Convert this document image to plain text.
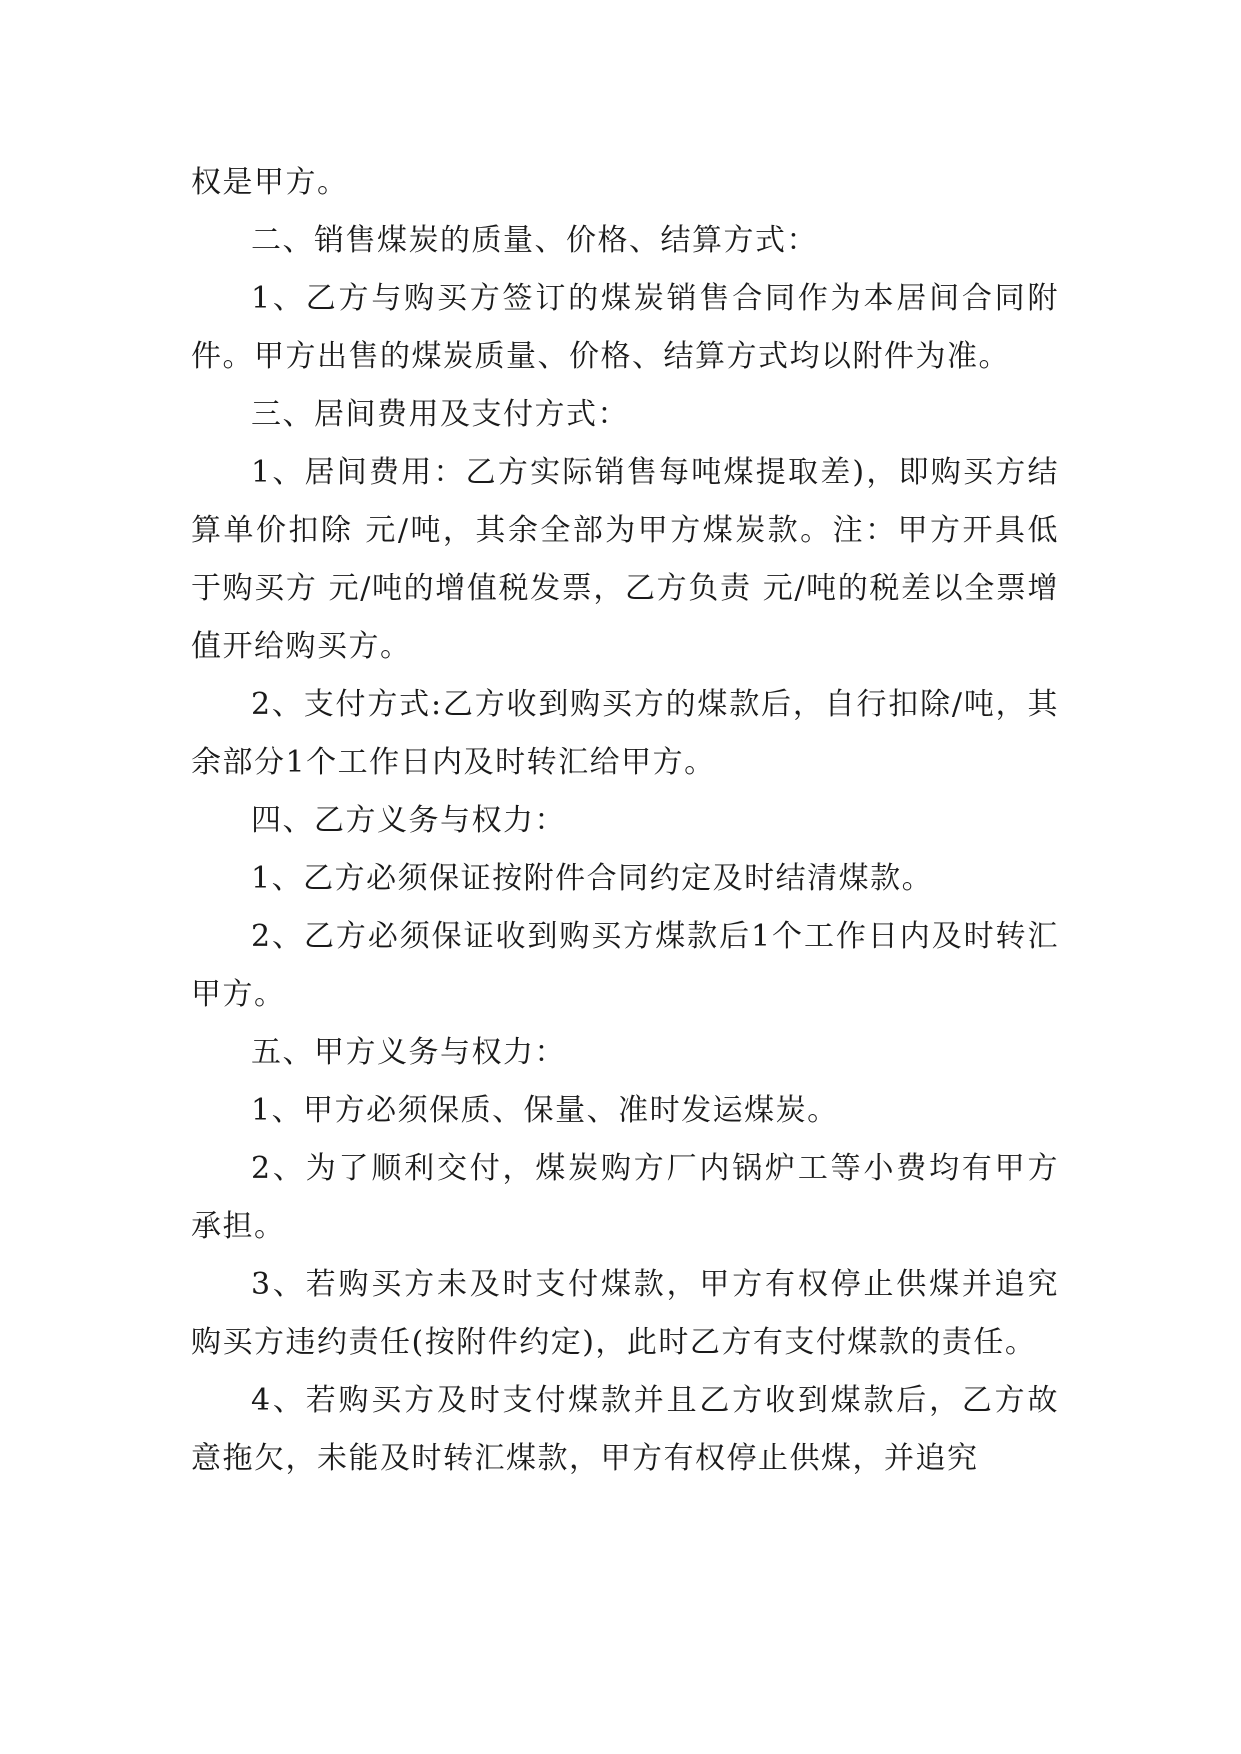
权是甲方。

二、销售煤炭的质量、价格、结算方式：

1、乙方与购买方签订的煤炭销售合同作为本居间合同附件。甲方出售的煤炭质量、价格、结算方式均以附件为准。

三、居间费用及支付方式：

1、居间费用：乙方实际销售每吨煤提取差)，即购买方结算单价扣除 元/吨，其余全部为甲方煤炭款。注：甲方开具低于购买方 元/吨的增值税发票，乙方负责 元/吨的税差以全票增值开给购买方。

2、支付方式:乙方收到购买方的煤款后，自行扣除/吨，其余部分1个工作日内及时转汇给甲方。

四、乙方义务与权力：

1、乙方必须保证按附件合同约定及时结清煤款。

2、乙方必须保证收到购买方煤款后1个工作日内及时转汇甲方。

五、甲方义务与权力：

1、甲方必须保质、保量、准时发运煤炭。

2、为了顺利交付，煤炭购方厂内锅炉工等小费均有甲方承担。

3、若购买方未及时支付煤款，甲方有权停止供煤并追究购买方违约责任(按附件约定)，此时乙方有支付煤款的责任。

4、若购买方及时支付煤款并且乙方收到煤款后，乙方故意拖欠，未能及时转汇煤款，甲方有权停止供煤，并追究
